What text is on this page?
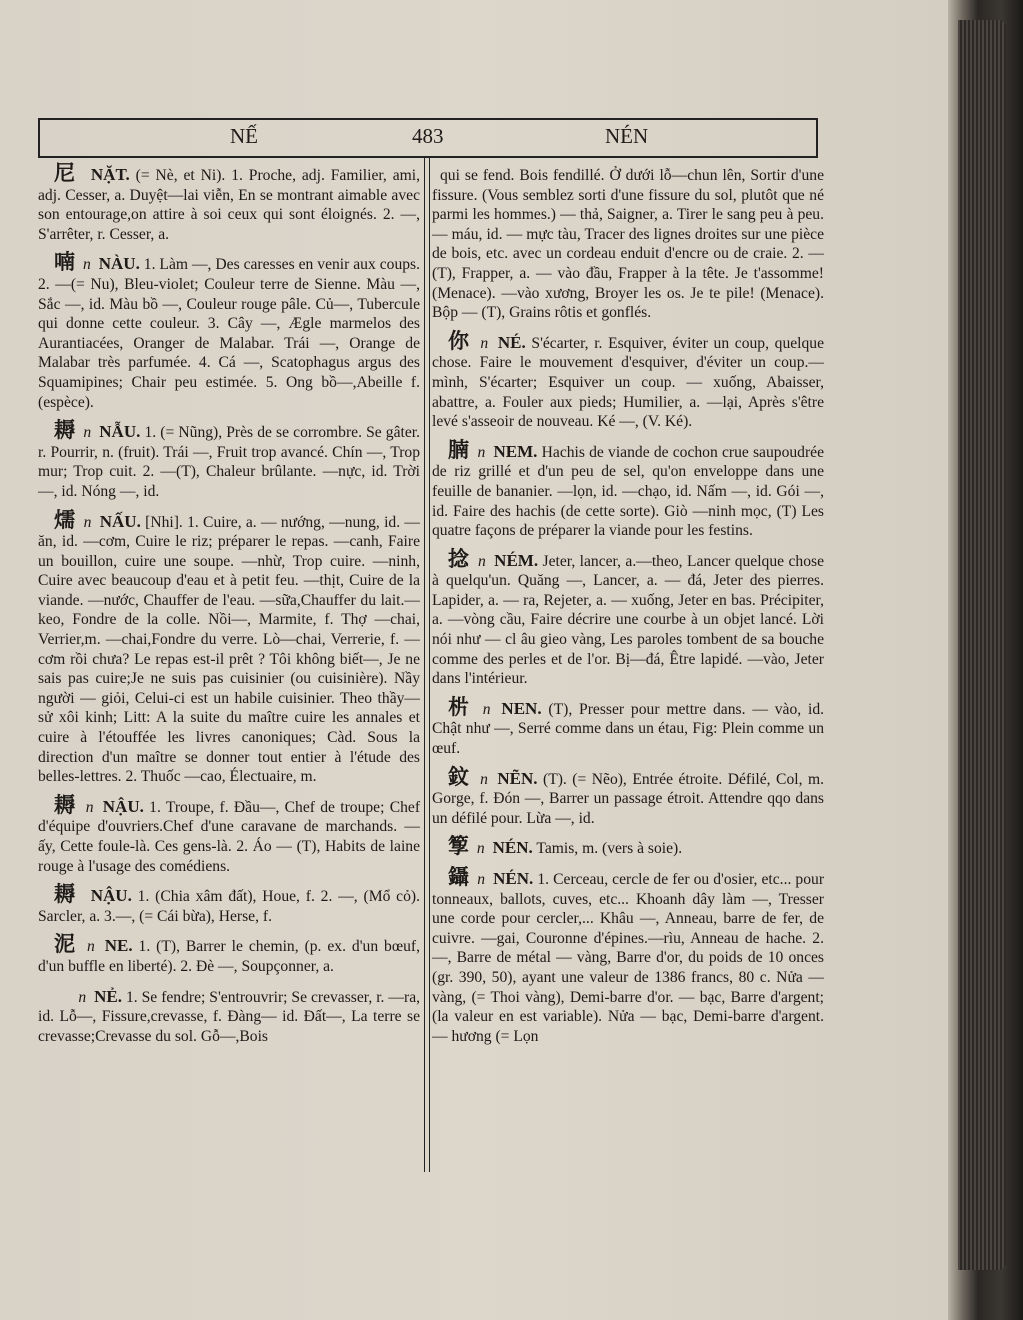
NẾ	483	NÉN

尼 NẶT. (= Nè, et Ni). 1. Proche, adj. Familier, ami, adj. Cesser, a. Duyệt—lai viễn, En se montrant aimable avec son entourage,on attire à soi ceux qui sont éloignés. 2. —, S'arrêter, r. Cesser, a.

喃 n NÀU. 1. Làm —, Des caresses en venir aux coups. 2. —(= Nu), Bleu-violet; Couleur terre de Sienne. Màu —, Sắc —, id. Màu bồ —, Couleur rouge pâle. Củ—, Tubercule qui donne cette couleur. 3. Cây —, Ægle marmelos des Aurantiacées, Oranger de Malabar. Trái —, Orange de Malabar très parfumée. 4. Cá —, Scatophagus argus des Squamipines; Chair peu estimée. 5. Ong bồ—,Abeille f. (espèce).

耨 n NẪU. 1. (= Nũng), Près de se corrombre. Se gâter. r. Pourrir, n. (fruit). Trái —, Fruit trop avancé. Chín —, Trop mur; Trop cuit. 2. —(T), Chaleur brûlante. —nực, id. Trời —, id. Nóng —, id.

燸 n NẤU. [Nhi]. 1. Cuire, a. — nướng, —nung, id. —ăn, id. —cơm, Cuire le riz; préparer le repas. —canh, Faire un bouillon, cuire une soupe. —nhừ, Trop cuire. —ninh, Cuire avec beaucoup d'eau et à petit feu. —thịt, Cuire de la viande. —nước, Chauffer de l'eau. —sữa,Chauffer du lait.—keo, Fondre de la colle. Nồi—, Marmite, f. Thợ —chai, Verrier,m. —chai,Fondre du verre. Lò—chai, Verrerie, f. — cơm rồi chưa? Le repas est-il prêt ? Tôi không biết—, Je ne sais pas cuire;Je ne suis pas cuisinier (ou cuisinière). Nầy người — giỏi, Celui-ci est un habile cuisinier. Theo thầy—sử xôi kinh; Litt: A la suite du maître cuire les annales et cuire à l'étouffée les livres canoniques; Càd. Sous la direction d'un maître se donner tout entier à l'étude des belles-lettres. 2. Thuốc —cao, Électuaire, m.

耨 n NẬU. 1. Troupe, f. Đầu—, Chef de troupe; Chef d'équipe d'ouvriers.Chef d'une caravane de marchands. — ấy, Cette foule-là. Ces gens-là. 2. Áo — (T), Habits de laine rouge à l'usage des comédiens.

耨 NẬU. 1. (Chia xâm đất), Houe, f. 2. —, (Mổ cỏ). Sarcler, a. 3.—, (= Cái bừa), Herse, f.

泥 n NE. 1. (T), Barrer le chemin, (p. ex. d'un bœuf, d'un buffle en liberté). 2. Đè —, Soupçonner, a.

𠑕 n NẺ. 1. Se fendre; S'entrouvrir; Se crevasser, r. —ra, id. Lỗ—, Fissure,crevasse, f. Đàng— id. Đất—, La terre se crevasse;Crevasse du sol. Gỗ—,Bois

qui se fend. Bois fendillé. Ở dưới lỗ—chun lên, Sortir d'une fissure. (Vous semblez sorti d'une fissure du sol, plutôt que né parmi les hommes.) — thả, Saigner, a. Tirer le sang peu à peu. — máu, id. — mực tàu, Tracer des lignes droites sur une pièce de bois, etc. avec un cordeau enduit d'encre ou de craie. 2. — (T), Frapper, a. — vào đầu, Frapper à la tête. Je t'assomme! (Menace). —vào xương, Broyer les os. Je te pile! (Menace). Bộp — (T), Grains rôtis et gonflés.

你 n NÉ. S'écarter, r. Esquiver, éviter un coup, quelque chose. Faire le mouvement d'esquiver, d'éviter un coup.—mình, S'écarter; Esquiver un coup. — xuống, Abaisser, abattre, a. Fouler aux pieds; Humilier, a. —lại, Après s'être levé s'asseoir de nouveau. Ké —, (V. Ké).

腩 n NEM. Hachis de viande de cochon crue saupoudrée de riz grillé et d'un peu de sel, qu'on enveloppe dans une feuille de bananier. —lọn, id. —chạo, id. Nấm —, id. Gói —, id. Faire des hachis (de cette sorte). Giò —ninh mọc, (T) Les quatre façons de préparer la viande pour les festins.

捻 n NÉM. Jeter, lancer, a.—theo, Lancer quelque chose à quelqu'un. Quăng —, Lancer, a. — đá, Jeter des pierres. Lapider, a. — ra, Rejeter, a. — xuống, Jeter en bas. Précipiter, a. —vòng cầu, Faire décrire une courbe à un objet lancé. Lời nói như — cl âu gieo vàng, Les paroles tombent de sa bouche comme des perles et de l'or. Bị—đá, Être lapidé. —vào, Jeter dans l'intérieur.

㭊 n NEN. (T), Presser pour mettre dans. — vào, id. Chật như —, Serré comme dans un étau, Fig: Plein comme un œuf.

鈫 n NẼN. (T). (= Nẽo), Entrée étroite. Défilé, Col, m. Gorge, f. Đón —, Barrer un passage étroit. Attendre qqo dans un défilé pour. Lừa —, id.

箰 n NÉN. Tamis, m. (vers à soie).

鑷 n NÉN. 1. Cerceau, cercle de fer ou d'osier, etc... pour tonneaux, ballots, cuves, etc... Khoanh dây làm —, Tresser une corde pour cercler,... Khâu —, Anneau, barre de fer, de cuivre. —gai, Couronne d'épines.—rìu, Anneau de hache. 2. —, Barre de métal — vàng, Barre d'or, du poids de 10 onces (gr. 390, 50), ayant une valeur de 1386 francs, 80 c. Nửa — vàng, (= Thoi vàng), Demi-barre d'or. — bạc, Barre d'argent; (la valeur en est variable). Nửa — bạc, Demi-barre d'argent. — hương (= Lọn
